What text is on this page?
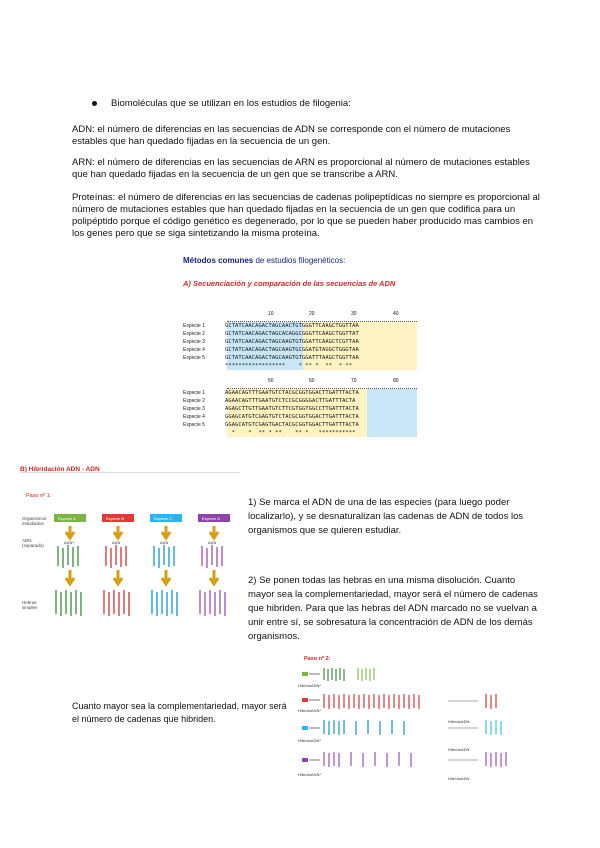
Biomoléculas que se utilizan en los estudios de filogenia:
ADN: el número de diferencias en las secuencias de ADN se corresponde con el número de mutaciones estables que han quedado fijadas en la secuencia de un gen.
ARN: el número de diferencias en las secuencias de ARN es proporcional al número de mutaciones estables que han quedado fijadas en la secuencia de un gen que se transcribe a ARN.
Proteínas: el número de diferencias en las secuencias de cadenas polipeptídicas no siempre es proporcional al número de mutaciones estables que han quedado fijadas en la secuencia de un gen que codifica para un polipéptido porque el código genético es degenerado, por lo que se pueden haber producido mas cambios en los genes pero que se siga sintetizando la misma proteína.
Métodos comunes de estudios filogenéticos:
A) Secuenciación y comparación de las secuencias de ADN
10	20	30	40
Especie 1	GCTATCAACAGACTAGCAACTGTGGGTTCAAGCTGGTTAA
Especie 2	GCTATCAACAGACTAGCACAGGCGGGTTCAAGCTGGTTAT
Especie 3	GCTATCAACAGACTAGCAAGTGTGGATTCAAGCTCGTTAA
Especie 4	GCTATCAACAGACTAGCAAGTGCGGATGTAGGCTGGGTAA
Especie 5	GCTATCAACAGACTAGCAAGTGTGGATTTAAGCTGGTTAA
******************    * ** *  **  * **
50	60	70	80
Especie 1	AGAACAGTTTGAATGTCTACGCGGTGGACTTGATTTACTA
Especie 2	AGAACAGTTTGAATGTCTCCGCGGGGACTTGATTTACTA
Especie 3	AGAGCTTGTTGAATGTCTTCGTGGTGGCCTTGATTTACTA
Especie 4	GGAGCATGTCGAGTGTCTACGCGGTGGACTTGATTTACTA
Especie 5	GGAGCATGTCGAGTGACTACGCGGTGGACTTGATTTACTA
*    *  ** * **    ** *   ***********
B) Hibridación ADN - ADN
Paso nº 1:
Organismos
estudiados
ADN
(separado)
Hebras
simples
Especie A	Especie B	Especie C	Especie D
ADN*	ADN	ADN	ADN
1) Se marca el ADN de una de las especies (para luego poder localizarlo), y se desnaturalizan las cadenas de ADN de todos los organismos que se quieren estudiar.
2) Se ponen todas las hebras en una misma disolución. Cuanto mayor sea la complementariedad, mayor será el número de cadenas que hibriden. Para que las hebras del ADN marcado no se vuelvan a unir entre sí, se sobresatura la concentración de ADN de los demás organismos.
Cuanto mayor sea la complementariedad, mayor será el número de cadenas que hibriden.
Paso nº 2:
HíbridoADN*
HíbridoADN*
HíbridoADN*
HíbridoADN*
HíbridoADN
HíbridoADN
HíbridoADN
